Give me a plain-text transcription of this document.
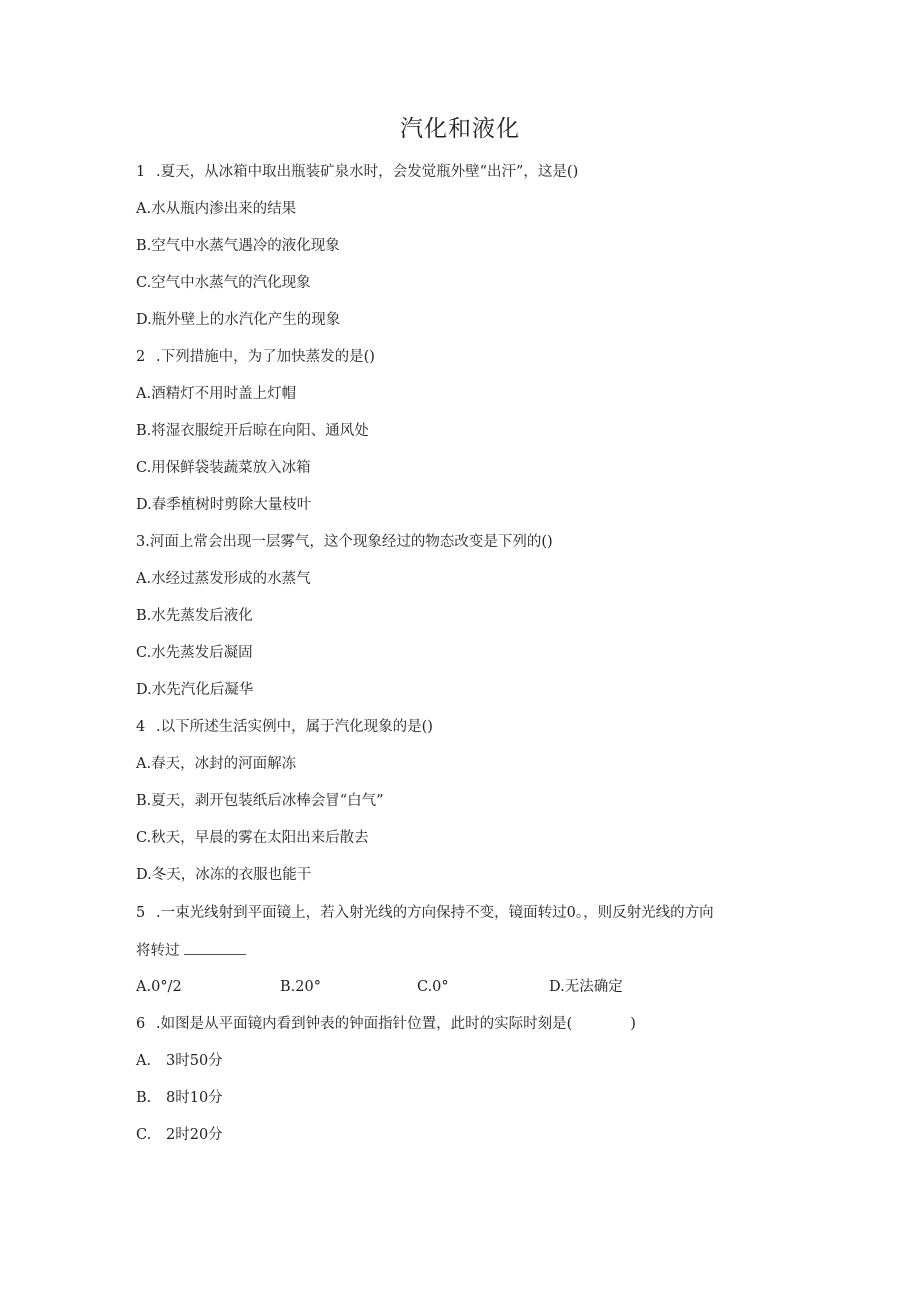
汽化和液化
1 .夏天，从冰箱中取出瓶装矿泉水时，会发觉瓶外壁“出汗”，这是()
A.水从瓶内渗出来的结果
B.空气中水蒸气遇冷的液化现象
C.空气中水蒸气的汽化现象
D.瓶外壁上的水汽化产生的现象
2 .下列措施中，为了加快蒸发的是()
A.酒精灯不用时盖上灯帽
B.将湿衣服绽开后晾在向阳、通风处
C.用保鲜袋装蔬菜放入冰箱
D.春季植树时剪除大量枝叶
3.河面上常会出现一层雾气，这个现象经过的物态改变是下列的()
A.水经过蒸发形成的水蒸气
B.水先蒸发后液化
C.水先蒸发后凝固
D.水先汽化后凝华
4 .以下所述生活实例中，属于汽化现象的是()
A.春天，冰封的河面解冻
B.夏天，剥开包装纸后冰棒会冒“白气”
C.秋天，早晨的雾在太阳出来后散去
D.冬天，冰冻的衣服也能干
5 .一束光线射到平面镜上，若入射光线的方向保持不变，镜面转过0。，则反射光线的方向
将转过
A.0°/2	B.20°	C.0°	D.无法确定
6 .如图是从平面镜内看到钟表的钟面指针位置，此时的实际时刻是(	)
A. 3时50分
B. 8时10分
C. 2时20分
